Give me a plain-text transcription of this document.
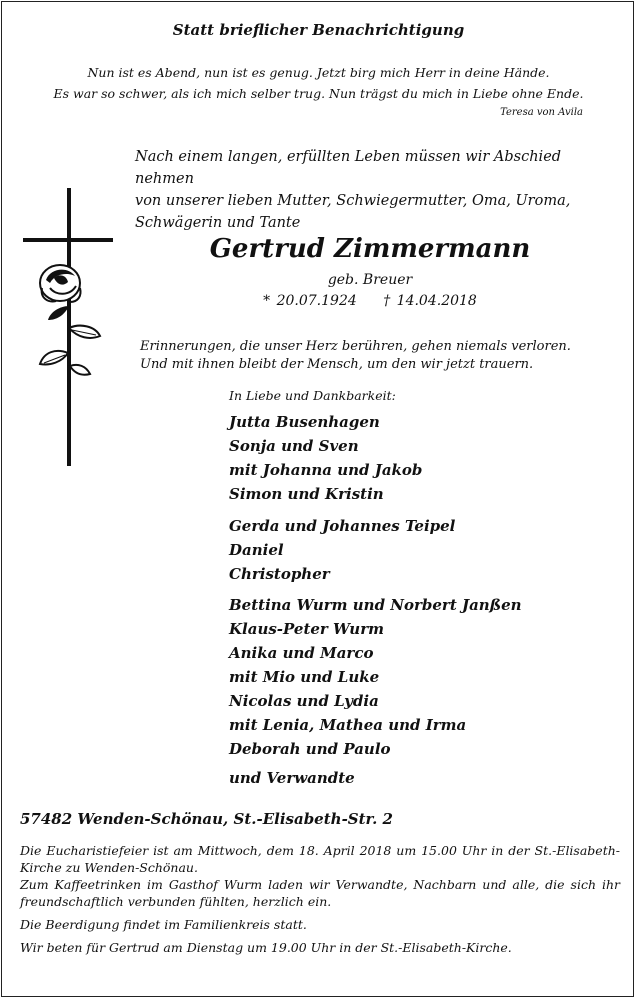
Statt brieflicher Benachrichtigung
Nun ist es Abend, nun ist es genug. Jetzt birg mich Herr in deine Hände.
Es war so schwer, als ich mich selber trug. Nun trägst du mich in Liebe ohne Ende.
Teresa von Avila
Nach einem langen, erfüllten Leben müssen wir Abschied nehmen
von unserer lieben Mutter, Schwiegermutter, Oma, Uroma,
Schwägerin und Tante
Gertrud Zimmermann
geb. Breuer
* 20.07.1924 † 14.04.2018
Erinnerungen, die unser Herz berühren, gehen niemals verloren.
Und mit ihnen bleibt der Mensch, um den wir jetzt trauern.
In Liebe und Dankbarkeit:
Jutta Busenhagen
Sonja und Sven
mit Johanna und Jakob
Simon und Kristin
Gerda und Johannes Teipel
Daniel
Christopher
Bettina Wurm und Norbert Janßen
Klaus-Peter Wurm
Anika und Marco
mit Mio und Luke
Nicolas und Lydia
mit Lenia, Mathea und Irma
Deborah und Paulo
und Verwandte
57482 Wenden-Schönau, St.-Elisabeth-Str. 2

Die Eucharistiefeier ist am Mittwoch, dem 18. April 2018 um 15.00 Uhr in der St.-Elisabeth-Kirche zu Wenden-Schönau.

Zum Kaffeetrinken im Gasthof Wurm laden wir Verwandte, Nachbarn und alle, die sich ihr freundschaftlich verbunden fühlten, herzlich ein.

Die Beerdigung findet im Familienkreis statt.

Wir beten für Gertrud am Dienstag um 19.00 Uhr in der St.-Elisabeth-Kirche.
